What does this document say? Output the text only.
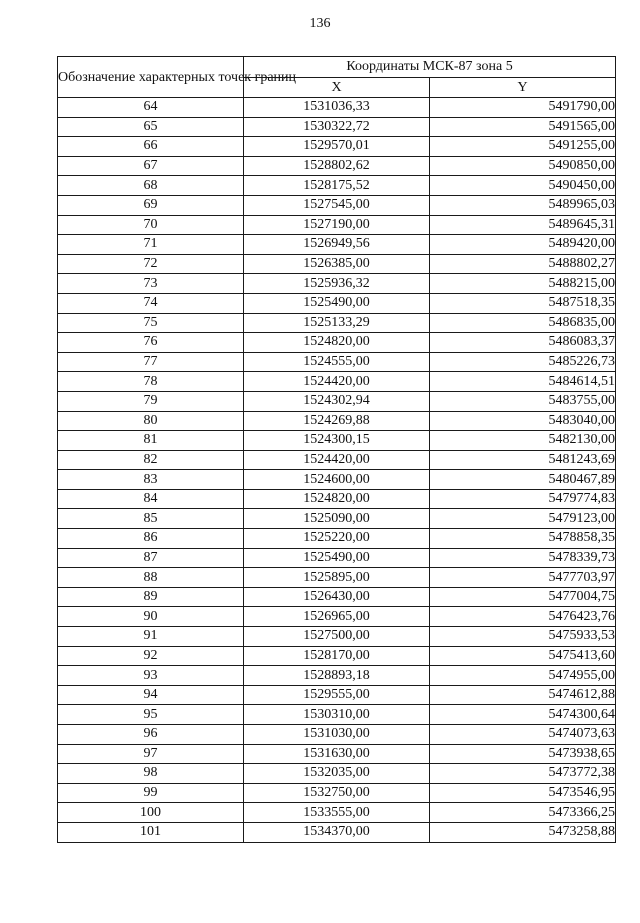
136
Обозначение характерных точек границ	Координаты МСК-87 зона 5	
	X	Y
64	1531036,33	5491790,00
65	1530322,72	5491565,00
66	1529570,01	5491255,00
67	1528802,62	5490850,00
68	1528175,52	5490450,00
69	1527545,00	5489965,03
70	1527190,00	5489645,31
71	1526949,56	5489420,00
72	1526385,00	5488802,27
73	1525936,32	5488215,00
74	1525490,00	5487518,35
75	1525133,29	5486835,00
76	1524820,00	5486083,37
77	1524555,00	5485226,73
78	1524420,00	5484614,51
79	1524302,94	5483755,00
80	1524269,88	5483040,00
81	1524300,15	5482130,00
82	1524420,00	5481243,69
83	1524600,00	5480467,89
84	1524820,00	5479774,83
85	1525090,00	5479123,00
86	1525220,00	5478858,35
87	1525490,00	5478339,73
88	1525895,00	5477703,97
89	1526430,00	5477004,75
90	1526965,00	5476423,76
91	1527500,00	5475933,53
92	1528170,00	5475413,60
93	1528893,18	5474955,00
94	1529555,00	5474612,88
95	1530310,00	5474300,64
96	1531030,00	5474073,63
97	1531630,00	5473938,65
98	1532035,00	5473772,38
99	1532750,00	5473546,95
100	1533555,00	5473366,25
101	1534370,00	5473258,88
